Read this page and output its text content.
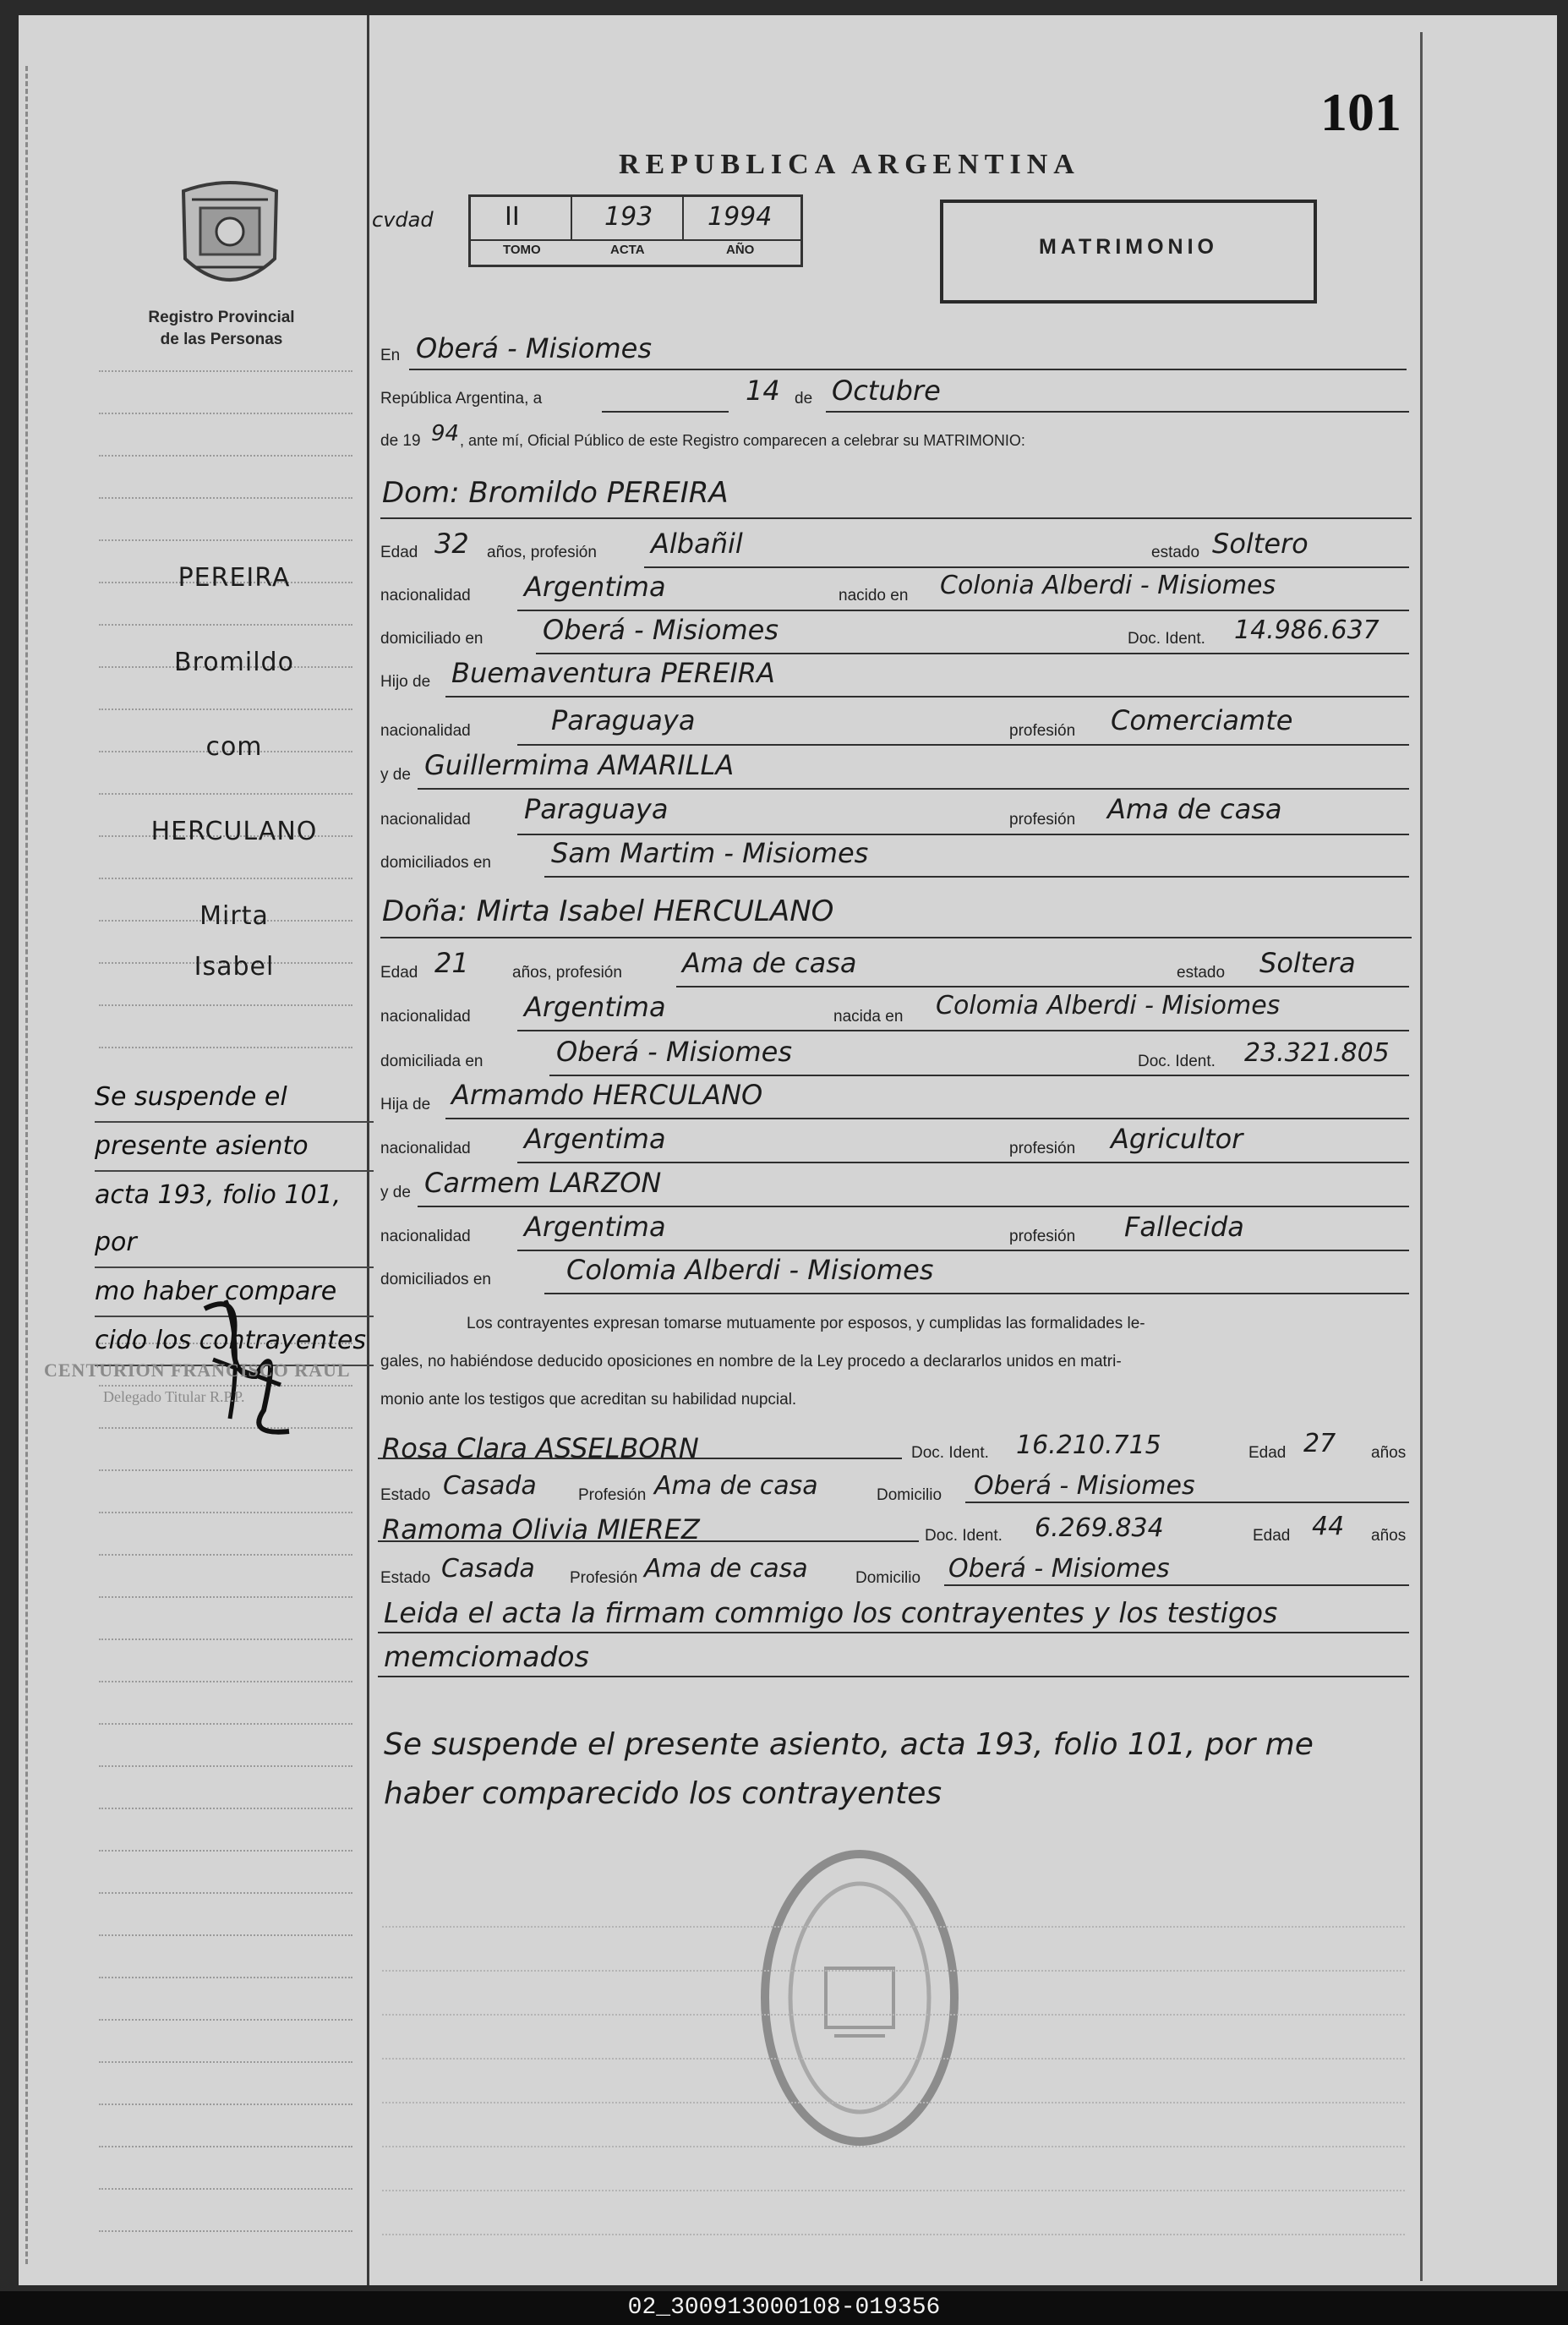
101
Registro Provincial
de las Personas
REPUBLICA ARGENTINA
cvdad	II	193 1994
TOMO	ACTA	AÑO	MATRIMONIO
En Oberá - Misiomes
República Argentina, a	14 de Octubre
de 19 94 , ante mí, Oficial Público de este Registro comparecen a celebrar su MATRIMONIO:
Dom: Bromildo PEREIRA
Edad 32 años, profesión Albañil	estado Soltero
nacionalidad Argentima	nacido en Colonia Alberdi - Misiomes
domiciliado en Oberá - Misiomes	Doc. Ident. 14.986.637
Hijo de Buemaventura PEREIRA
nacionalidad	Paraguaya	profesión Comerciamte
y de Guillermima AMARILLA
nacionalidad Paraguaya	profesión Ama de casa
domiciliados en Sam Martim - Misiomes
Doña: Mirta Isabel HERCULANO
Edad 21	años, profesión Ama de casa	estado Soltera
nacionalidad Argentima	nacida en Colomia Alberdi - Misiomes
domiciliada en	Oberá - Misiomes	Doc. Ident. 23.321.805
Hija de Armamdo HERCULANO
nacionalidad Argentima	profesión Agricultor
y de Carmem LARZON
nacionalidad Argentima	profesión Fallecida
domiciliados en	Colomia Alberdi - Misiomes
Los contrayentes expresan tomarse mutuamente por esposos, y cumplidas las formalidades le-
gales, no habiéndose deducido oposiciones en nombre de la Ley procedo a declararlos unidos en matri-
monio ante los testigos que acreditan su habilidad nupcial.
Rosa Clara ASSELBORN	Doc. Ident. 16.210.715	Edad 27 años
Estado Casada	Profesión Ama de casa	Domicilio Oberá - Misiomes
Ramoma Olivia MIEREZ	Doc. Ident. 6.269.834	Edad 44 años
Estado Casada Profesión Ama de casa	Domicilio Oberá - Misiomes
Leida el acta la firmam commigo los contrayentes y los testigos
memciomados
Se suspende el presente asiento, acta 193, folio 101, por me
haber comparecido los contrayentes
PEREIRA
Bromildo
com
HERCULANO
Mirta
Isabel
Se suspende el
presente asiento
acta 193, folio 101, por
mo haber compare
cido los contrayentes
CENTURION FRANCISCO RAUL
Delegado Titular R.P.P.
02_300913000108-019356
